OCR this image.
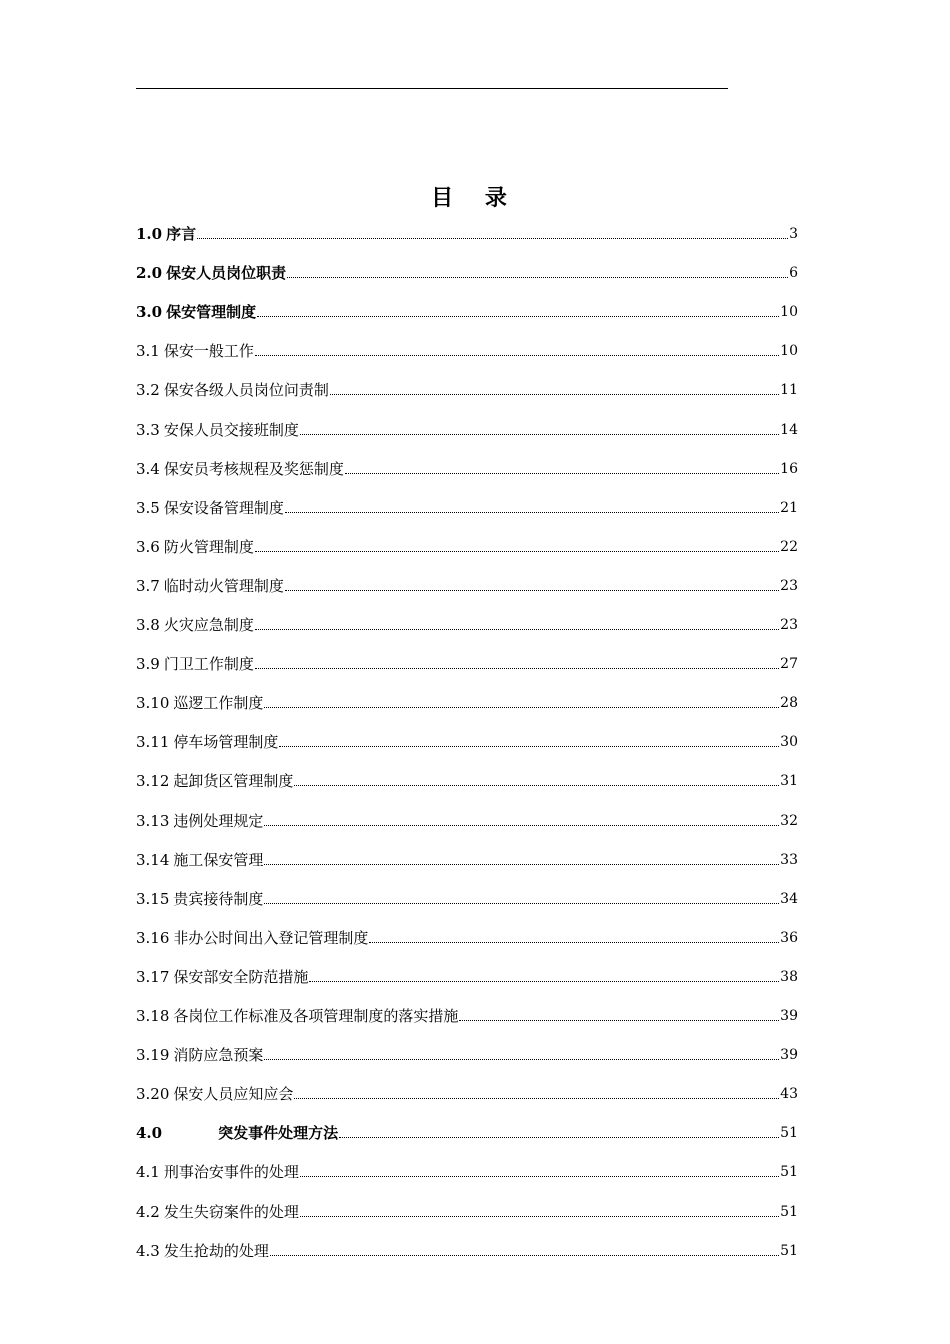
目 录
1.0 序言	3
2.0 保安人员岗位职责	6
3.0 保安管理制度	10
3.1 保安一般工作	10
3.2 保安各级人员岗位问责制	11
3.3 安保人员交接班制度	14
3.4 保安员考核规程及奖惩制度	16
3.5 保安设备管理制度	21
3.6 防火管理制度	22
3.7 临时动火管理制度	23
3.8 火灾应急制度	23
3.9 门卫工作制度	27
3.10 巡逻工作制度	28
3.11 停车场管理制度	30
3.12 起卸货区管理制度	31
3.13 违例处理规定	32
3.14 施工保安管理	33
3.15 贵宾接待制度	34
3.16 非办公时间出入登记管理制度	36
3.17 保安部安全防范措施	38
3.18 各岗位工作标准及各项管理制度的落实措施	39
3.19 消防应急预案	39
3.20 保安人员应知应会	43
4.0	突发事件处理方法	51
4.1 刑事治安事件的处理	51
4.2 发生失窃案件的处理	51
4.3 发生抢劫的处理	51
